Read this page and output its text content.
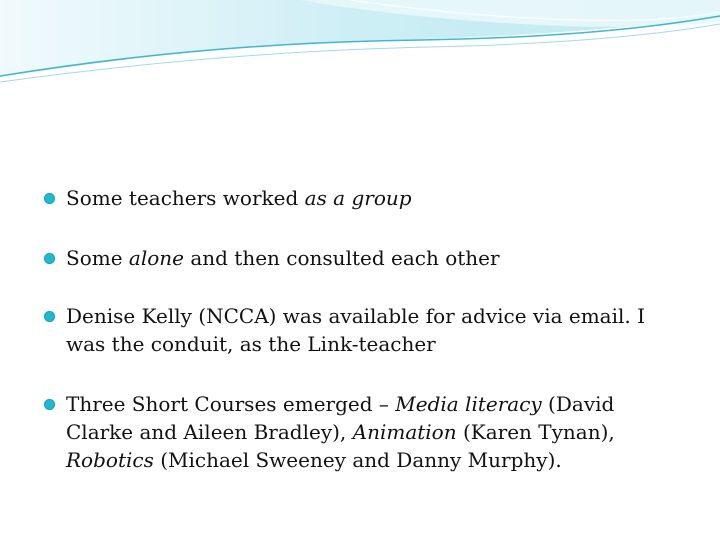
Some teachers worked as a group
Some alone and then consulted each other
Denise Kelly (NCCA) was available for advice via email. I was the conduit, as the Link-teacher
Three Short Courses emerged – Media literacy (David Clarke and Aileen Bradley), Animation (Karen Tynan), Robotics (Michael Sweeney and Danny Murphy).
